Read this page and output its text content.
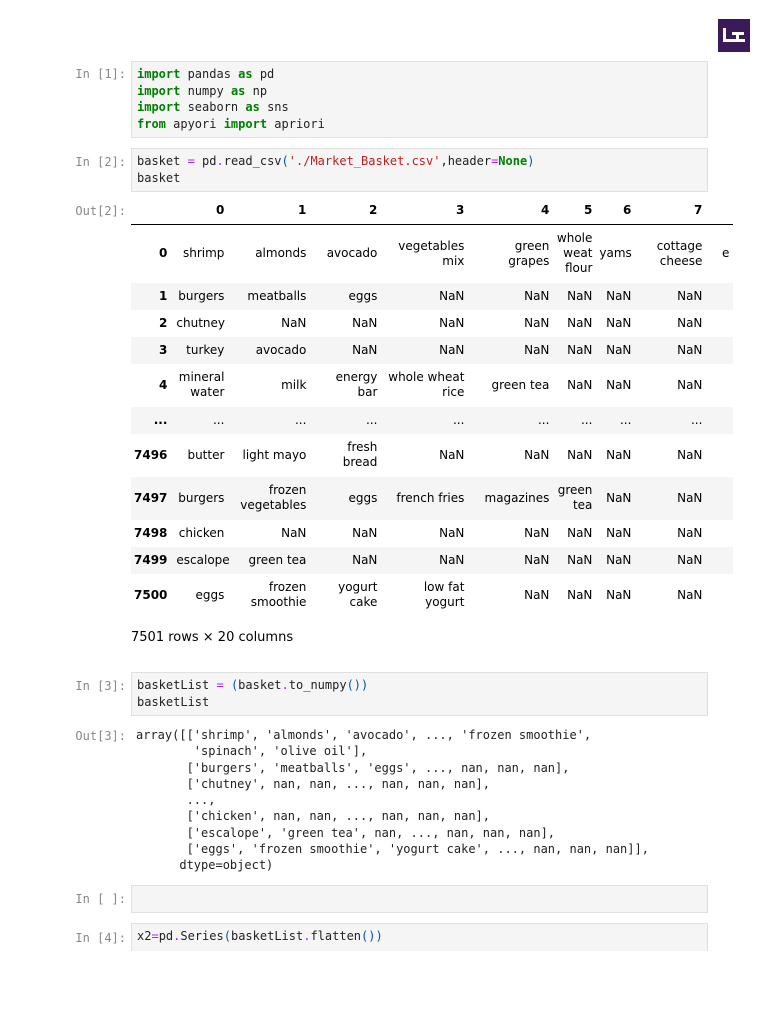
In [1]: import pandas as pd
import numpy as np
import seaborn as sns
from apyori import apriori
In [2]: basket = pd.read_csv('./Market_Basket.csv',header=None)
basket
Out[2]:
		0	1	2	3	4	5	6	7	
0	shrimp	almonds	avocado	vegetables mix	green grapes	whole weat flour	yams	cottage cheese	e
1	burgers	meatballs	eggs	NaN	NaN	NaN	NaN	NaN	
2	chutney	NaN	NaN	NaN	NaN	NaN	NaN	NaN	
3	turkey	avocado	NaN	NaN	NaN	NaN	NaN	NaN	
4	mineral water	milk	energy bar	whole wheat rice	green tea	NaN	NaN	NaN	
...	...	...	...	...	...	...	...	...	
7496	butter	light mayo	fresh bread	NaN	NaN	NaN	NaN	NaN	
7497	burgers	frozen vegetables	eggs	french fries	magazines	green tea	NaN	NaN	
7498	chicken	NaN	NaN	NaN	NaN	NaN	NaN	NaN	
7499	escalope	green tea	NaN	NaN	NaN	NaN	NaN	NaN	
7500	eggs	frozen smoothie	yogurt cake	low fat yogurt	NaN	NaN	NaN	NaN	
7501 rows × 20 columns
In [3]: basketList = (basket.to_numpy())
basketList
Out[3]: array([['shrimp', 'almonds', 'avocado', ..., 'frozen smoothie',
'spinach', 'olive oil'],
['burgers', 'meatballs', 'eggs', ..., nan, nan, nan],
['chutney', nan, nan, ..., nan, nan, nan],
...,
['chicken', nan, nan, ..., nan, nan, nan],
['escalope', 'green tea', nan, ..., nan, nan, nan],
['eggs', 'frozen smoothie', 'yogurt cake', ..., nan, nan, nan]],
dtype=object)
In [ ]:
In [4]: x2=pd.Series(basketList.flatten())
